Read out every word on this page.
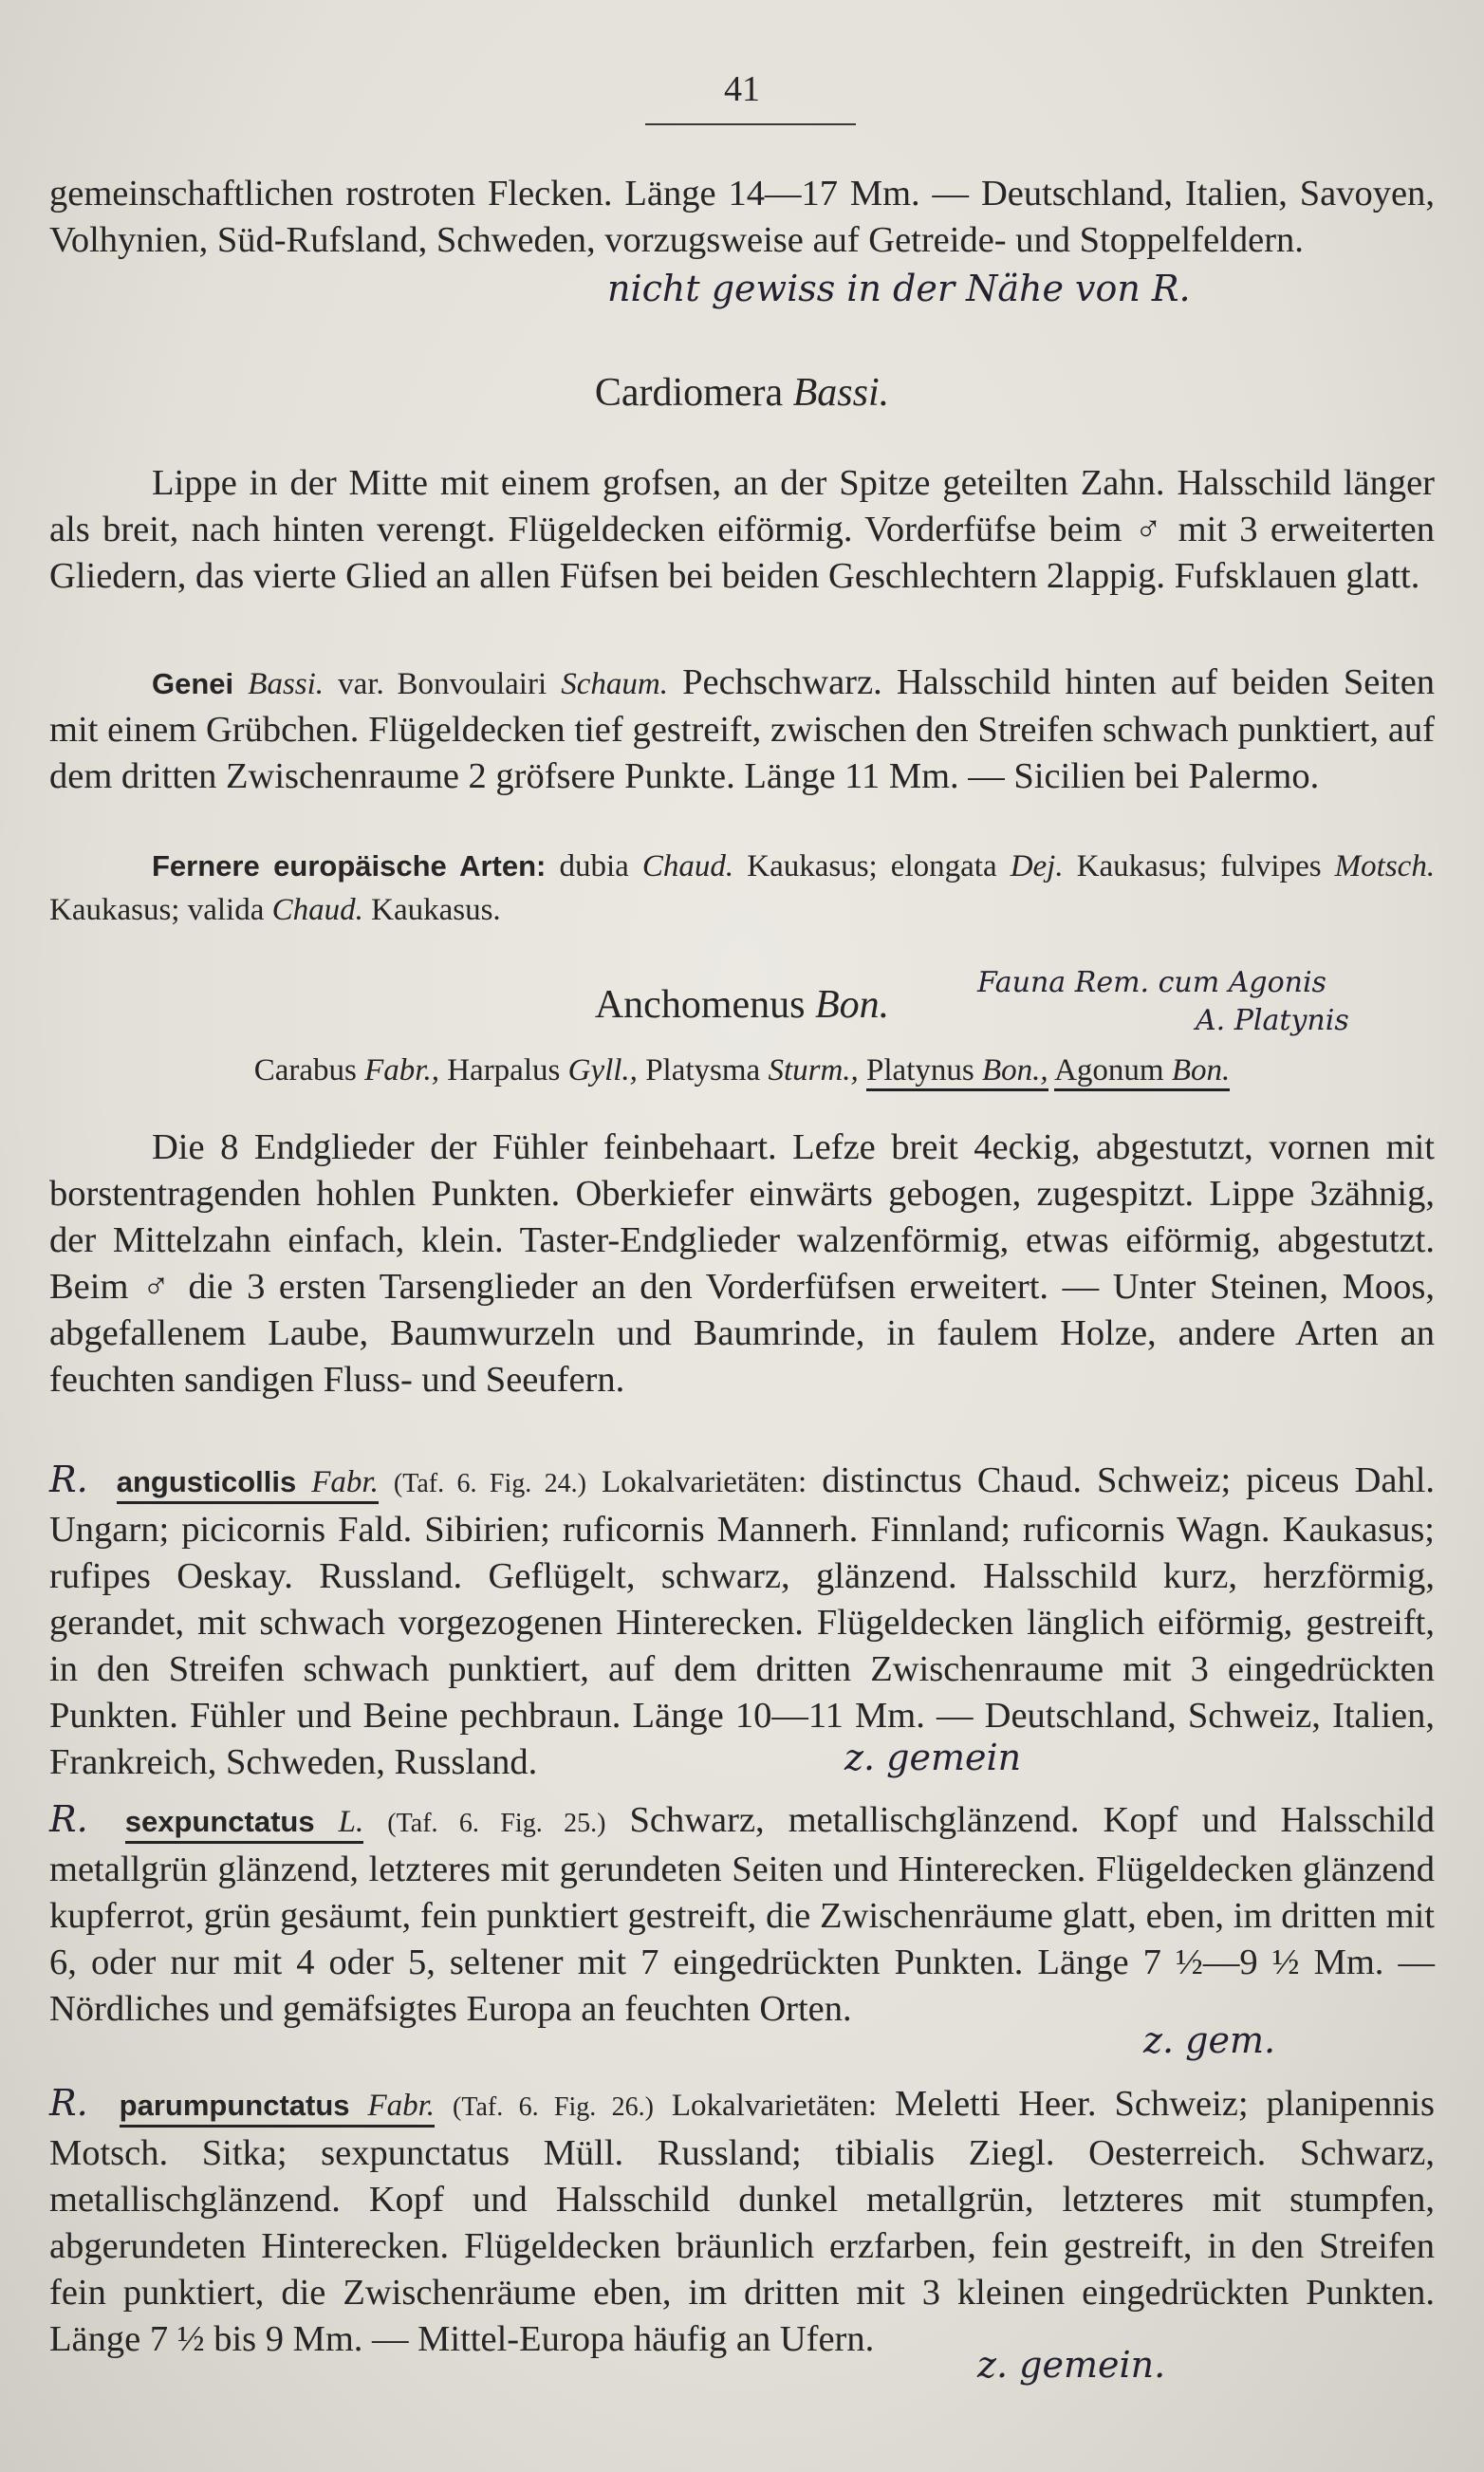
41

gemeinschaftlichen rostroten Flecken. Länge 14—17 Mm. — Deutschland, Italien, Savoyen, Volhynien, Süd-Rufsland, Schweden, vorzugsweise auf Getreide- und Stoppelfeldern.

nicht gewiss in der Nähe von R.
Cardiomera Bassi.

Lippe in der Mitte mit einem grofsen, an der Spitze geteilten Zahn. Halsschild länger als breit, nach hinten verengt. Flügeldecken eiförmig. Vorderfüfse beim ♂ mit 3 erweiterten Gliedern, das vierte Glied an allen Füfsen bei beiden Geschlechtern 2lappig. Fufsklauen glatt.

Genei Bassi. var. Bonvoulairi Schaum. Pechschwarz. Halsschild hinten auf beiden Seiten mit einem Grübchen. Flügeldecken tief gestreift, zwischen den Streifen schwach punktiert, auf dem dritten Zwischenraume 2 gröfsere Punkte. Länge 11 Mm. — Sicilien bei Palermo.

Fernere europäische Arten: dubia Chaud. Kaukasus; elongata Dej. Kaukasus; fulvipes Motsch. Kaukasus; valida Chaud. Kaukasus.

Anchomenus Bon.
Fauna Rem. cum Agonis
A. Platynis

Carabus Fabr., Harpalus Gyll., Platysma Sturm., Platynus Bon., Agonum Bon.

Die 8 Endglieder der Fühler feinbehaart. Lefze breit 4eckig, abgestutzt, vornen mit borstentragenden hohlen Punkten. Oberkiefer einwärts gebogen, zugespitzt. Lippe 3zähnig, der Mittelzahn einfach, klein. Taster-Endglieder walzenförmig, etwas eiförmig, abgestutzt. Beim ♂ die 3 ersten Tarsenglieder an den Vorderfüfsen erweitert. — Unter Steinen, Moos, abgefallenem Laube, Baumwurzeln und Baumrinde, in faulem Holze, andere Arten an feuchten sandigen Fluss- und Seeufern.

R. angusticollis Fabr. (Taf. 6. Fig. 24.) Lokalvarietäten: distinctus Chaud. Schweiz; piceus Dahl. Ungarn; picicornis Fald. Sibirien; ruficornis Mannerh. Finnland; ruficornis Wagn. Kaukasus; rufipes Oeskay. Russland. Geflügelt, schwarz, glänzend. Halsschild kurz, herzförmig, gerandet, mit schwach vorgezogenen Hinterecken. Flügeldecken länglich eiförmig, gestreift, in den Streifen schwach punktiert, auf dem dritten Zwischenraume mit 3 eingedrückten Punkten. Fühler und Beine pechbraun. Länge 10—11 Mm. — Deutschland, Schweiz, Italien, Frankreich, Schweden, Russland.	z. gemein

R. sexpunctatus L. (Taf. 6. Fig. 25.) Schwarz, metallischglänzend. Kopf und Halsschild metallgrün glänzend, letzteres mit gerundeten Seiten und Hinterecken. Flügeldecken glänzend kupferrot, grün gesäumt, fein punktiert gestreift, die Zwischenräume glatt, eben, im dritten mit 6, oder nur mit 4 oder 5, seltener mit 7 eingedrückten Punkten. Länge 7 ½—9 ½ Mm. — Nördliches und gemäfsigtes Europa an feuchten Orten.

z. gem.

R. parumpunctatus Fabr. (Taf. 6. Fig. 26.) Lokalvarietäten: Meletti Heer. Schweiz; planipennis Motsch. Sitka; sexpunctatus Müll. Russland; tibialis Ziegl. Oesterreich. Schwarz, metallischglänzend. Kopf und Halsschild dunkel metallgrün, letzteres mit stumpfen, abgerundeten Hinterecken. Flügeldecken bräunlich erzfarben, fein gestreift, in den Streifen fein punktiert, die Zwischenräume eben, im dritten mit 3 kleinen eingedrückten Punkten. Länge 7 ½ bis 9 Mm. — Mittel-Europa häufig an Ufern.

z. gemein.
